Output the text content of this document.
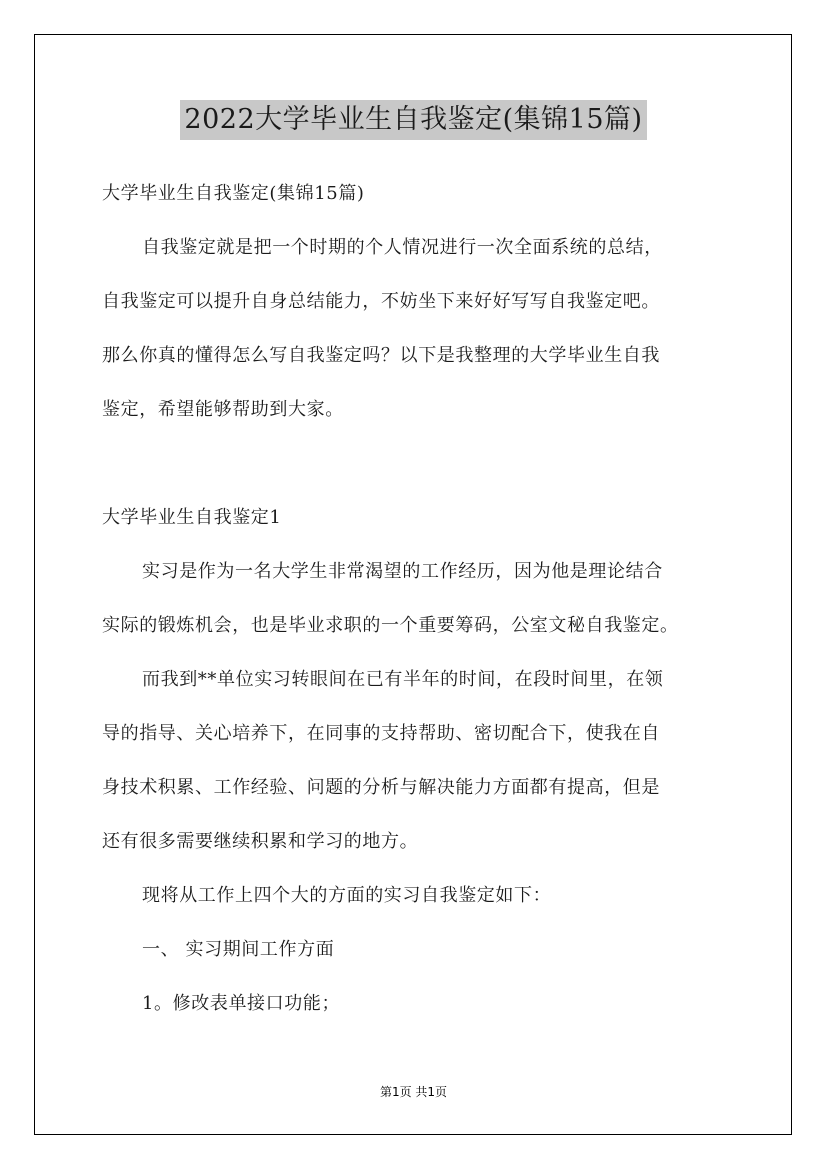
2022大学毕业生自我鉴定(集锦15篇)
大学毕业生自我鉴定(集锦15篇)
自我鉴定就是把一个时期的个人情况进行一次全面系统的总结，
自我鉴定可以提升自身总结能力，不妨坐下来好好写写自我鉴定吧。
那么你真的懂得怎么写自我鉴定吗？以下是我整理的大学毕业生自我
鉴定，希望能够帮助到大家。
大学毕业生自我鉴定1
实习是作为一名大学生非常渴望的工作经历，因为他是理论结合
实际的锻炼机会，也是毕业求职的一个重要筹码，公室文秘自我鉴定。
而我到**单位实习转眼间在已有半年的时间，在段时间里，在领
导的指导、关心培养下，在同事的支持帮助、密切配合下，使我在自
身技术积累、工作经验、问题的分析与解决能力方面都有提高，但是
还有很多需要继续积累和学习的地方。
现将从工作上四个大的方面的实习自我鉴定如下：
一、 实习期间工作方面
1。修改表单接口功能；
第1页 共1页
